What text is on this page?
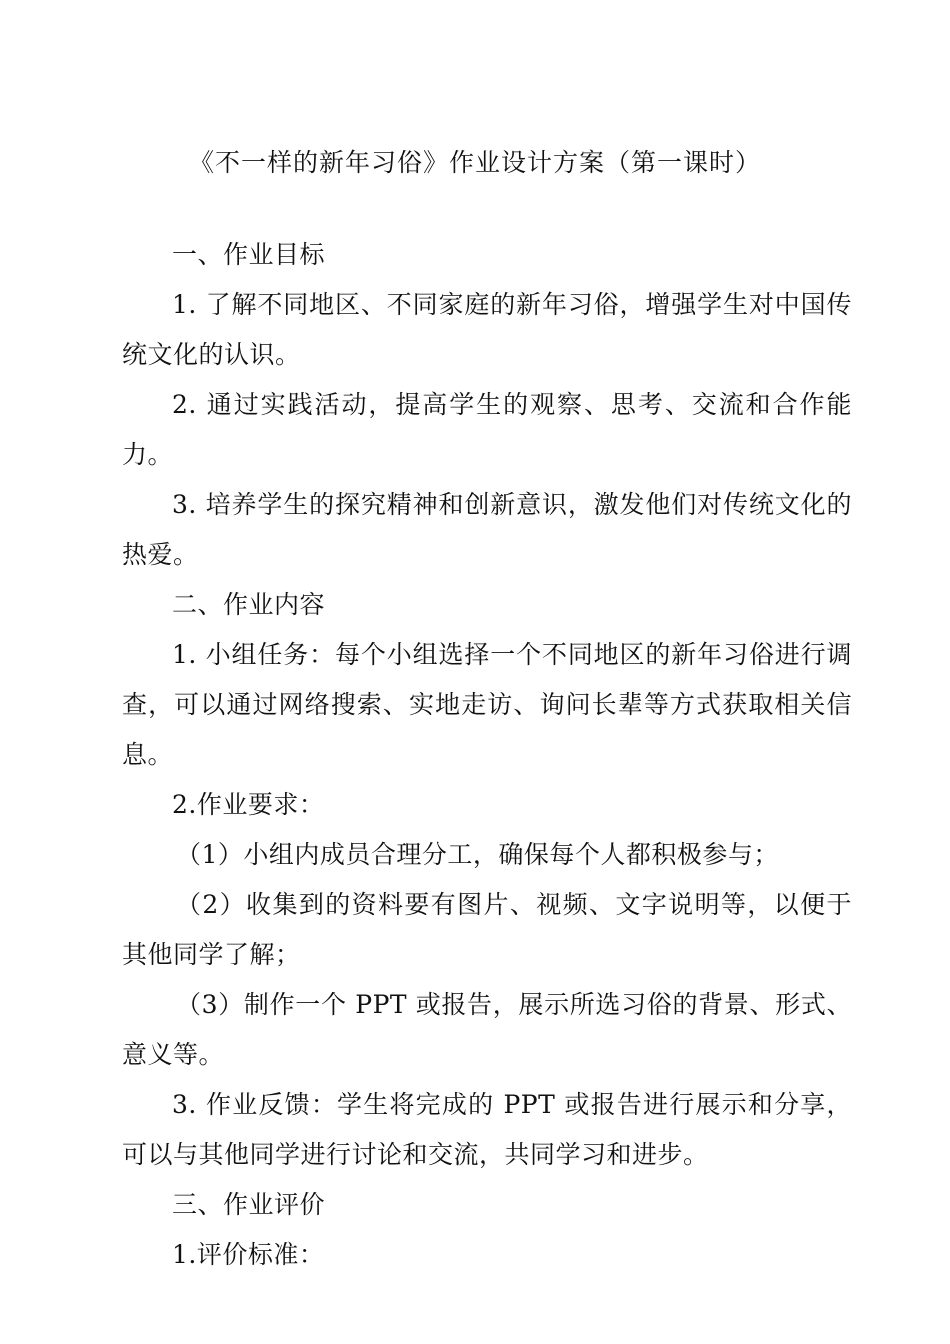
《不一样的新年习俗》作业设计方案（第一课时）

一、作业目标

1. 了解不同地区、不同家庭的新年习俗，增强学生对中国传统文化的认识。

2. 通过实践活动，提高学生的观察、思考、交流和合作能力。

3. 培养学生的探究精神和创新意识，激发他们对传统文化的热爱。

二、作业内容

1. 小组任务：每个小组选择一个不同地区的新年习俗进行调查，可以通过网络搜索、实地走访、询问长辈等方式获取相关信息。

2.作业要求：

（1）小组内成员合理分工，确保每个人都积极参与；

（2）收集到的资料要有图片、视频、文字说明等，以便于其他同学了解；

（3）制作一个 PPT 或报告，展示所选习俗的背景、形式、意义等。

3. 作业反馈：学生将完成的 PPT 或报告进行展示和分享，可以与其他同学进行讨论和交流，共同学习和进步。

三、作业评价

1.评价标准：
